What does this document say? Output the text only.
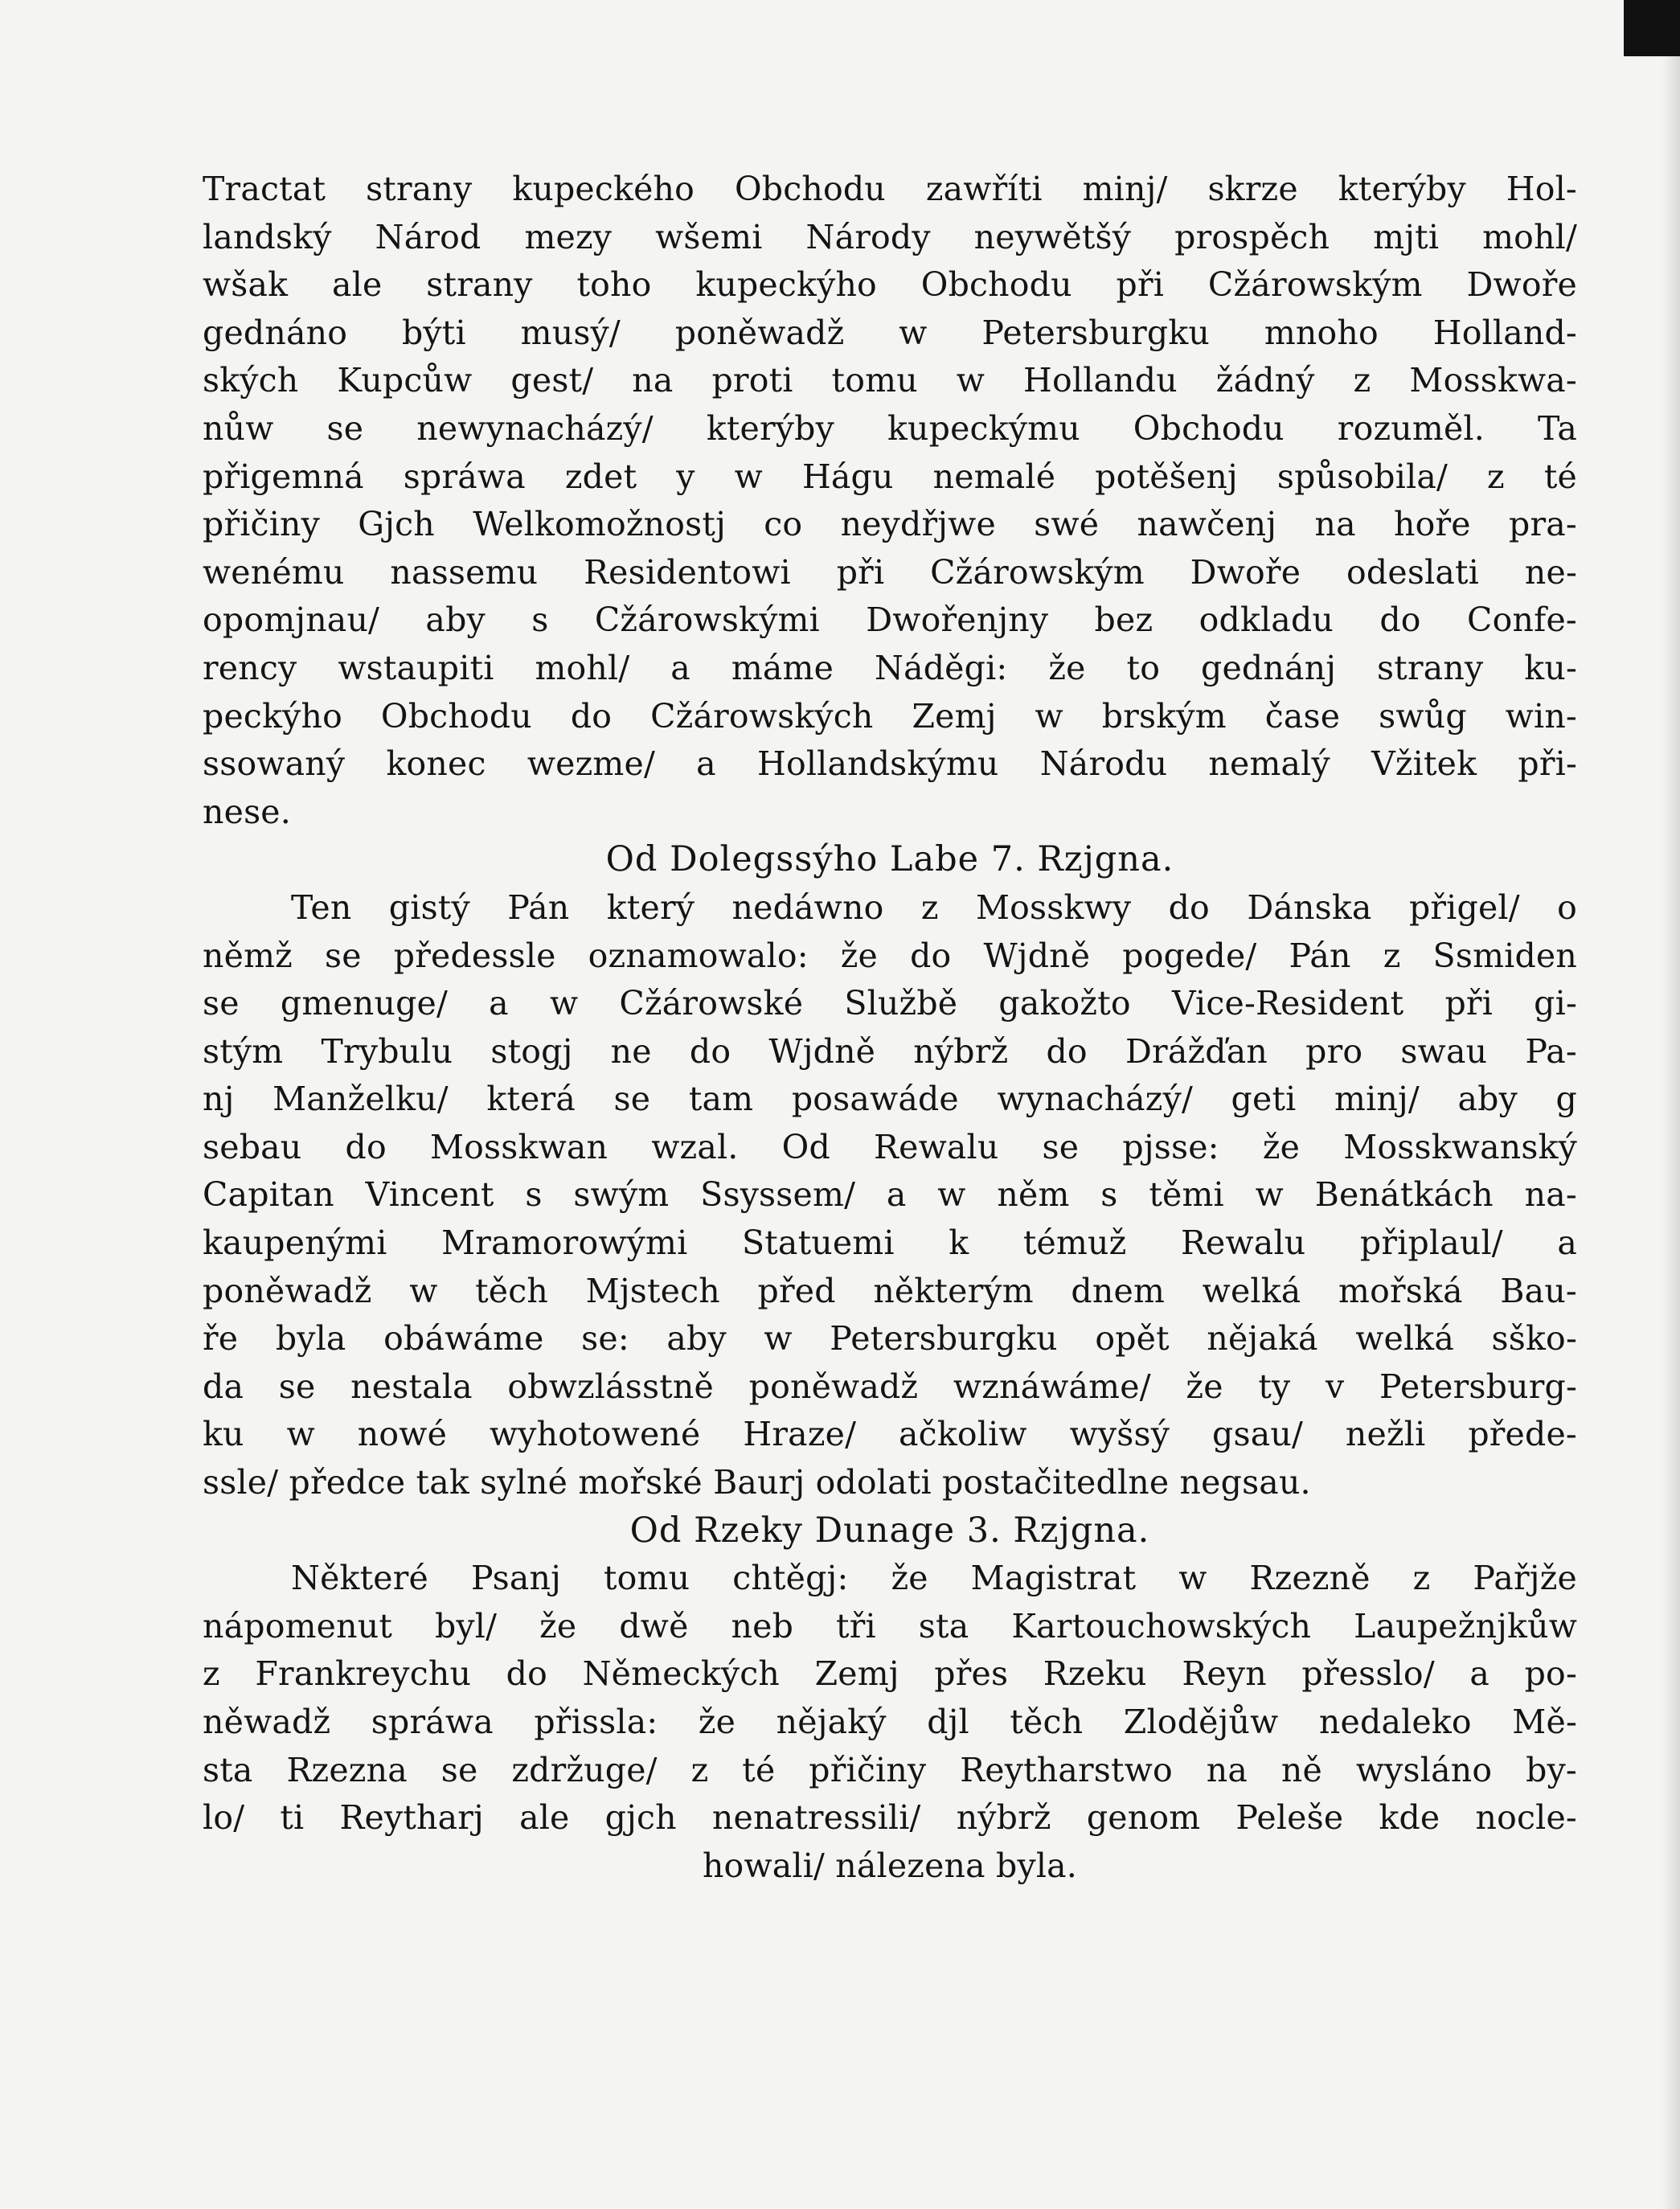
Tractat strany kupeckého Obchodu zawříti minj/ skrze kterýby Hol-
landský Národ mezy wšemi Národy neywětšý prospěch mjti mohl/
wšak ale strany toho kupeckýho Obchodu při Cžárowským Dwoře
gednáno býti musý/ poněwadž w Petersburgku mnoho Holland-
ských Kupcůw gest/ na proti tomu w Hollandu žádný z Mosskwa-
nůw se newynacházý/ kterýby kupeckýmu Obchodu rozuměl. Ta
přigemná spráwa zdet y w Hágu nemalé potěšenj spůsobila/ z té
přičiny Gjch Welkomožnostj co neydřjwe swé nawčenj na hoře pra-
wenému nassemu Residentowi při Cžárowským Dwoře odeslati ne-
opomjnau/ aby s Cžárowskými Dwořenjny bez odkladu do Confe-
rency wstaupiti mohl/ a máme Náděgi: že to gednánj strany ku-
peckýho Obchodu do Cžárowských Zemj w brským čase swůg win-
ssowaný konec wezme/ a Hollandskýmu Národu nemalý Vžitek při-
nese.
Od Dolegssýho Labe 7. Rzjgna.
Ten gistý Pán který nedáwno z Mosskwy do Dánska přigel/ o
němž se předessle oznamowalo: že do Wjdně pogede/ Pán z Ssmiden
se gmenuge/ a w Cžárowské Službě gakožto Vice-Resident při gi-
stým Trybulu stogj ne do Wjdně nýbrž do Drážďan pro swau Pa-
nj Manželku/ která se tam posawáde wynacházý/ geti minj/ aby g
sebau do Mosskwan wzal. Od Rewalu se pjsse: že Mosskwanský
Capitan Vincent s swým Ssyssem/ a w něm s těmi w Benátkách na-
kaupenými Mramorowými Statuemi k témuž Rewalu připlaul/ a
poněwadž w těch Mjstech před některým dnem welká mořská Bau-
ře byla obáwáme se: aby w Petersburgku opět nějaká welká sško-
da se nestala obwzlásstně poněwadž wznáwáme/ že ty v Petersburg-
ku w nowé wyhotowené Hraze/ ačkoliw wyšsý gsau/ nežli přede-
ssle/ předce tak sylné mořské Baurj odolati postačitedlne negsau.
Od Rzeky Dunage 3. Rzjgna.
Některé Psanj tomu chtěgj: že Magistrat w Rzezně z Pařjže
nápomenut byl/ že dwě neb tři sta Kartouchowských Laupežnjkůw
z Frankreychu do Německých Zemj přes Rzeku Reyn přesslo/ a po-
něwadž spráwa přissla: že nějaký djl těch Zlodějůw nedaleko Mě-
sta Rzezna se zdržuge/ z té přičiny Reytharstwo na ně wysláno by-
lo/ ti Reytharj ale gjch nenatressili/ nýbrž genom Peleše kde nocle-
howali/ nálezena byla.
